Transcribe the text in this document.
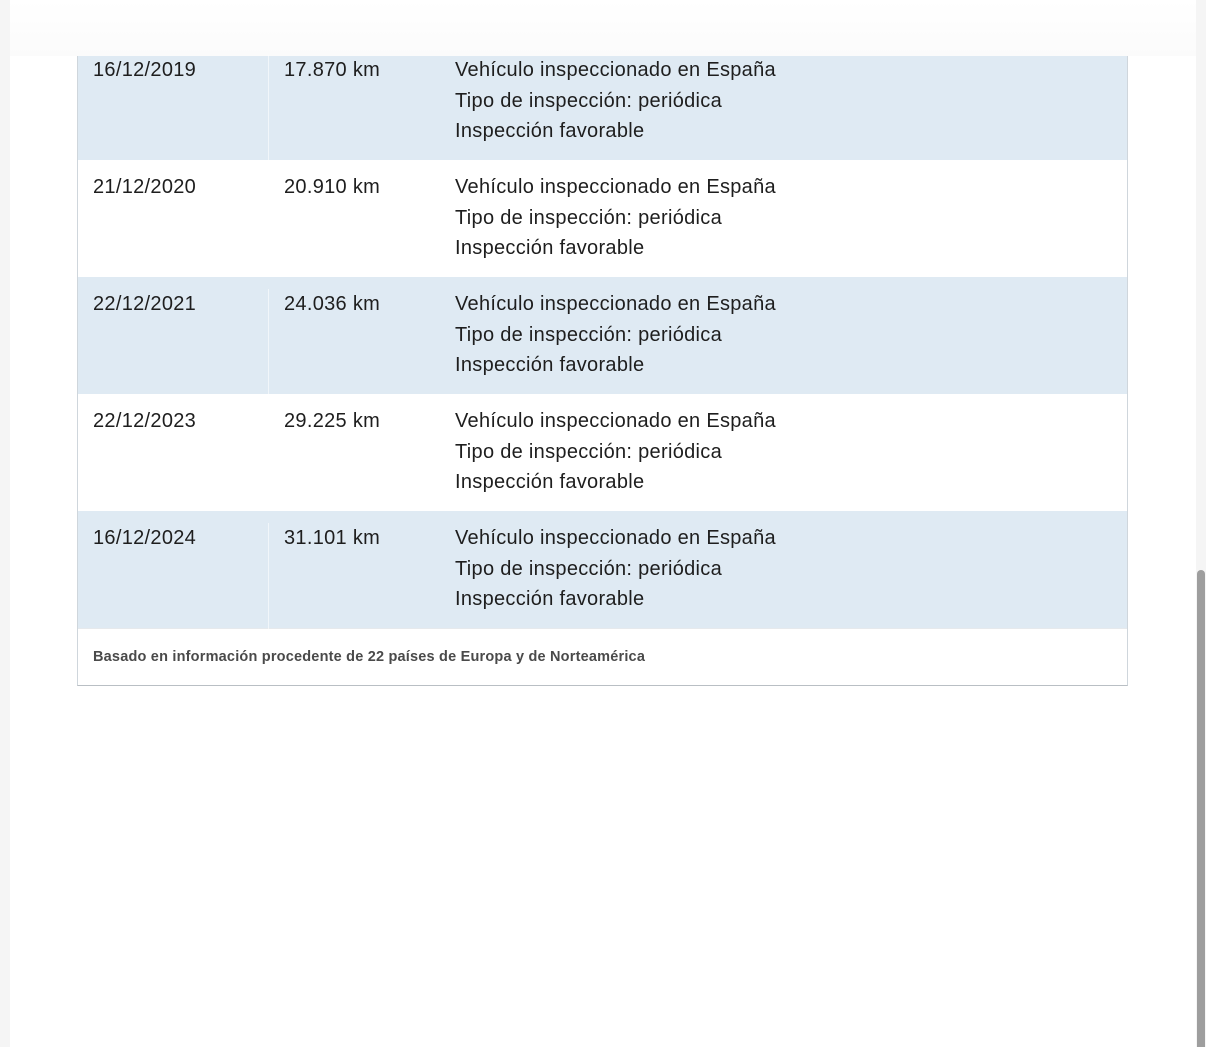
16/12/2019	17.870 km	Vehículo inspeccionado en España
Tipo de inspección: periódica
Inspección favorable
21/12/2020	20.910 km	Vehículo inspeccionado en España
Tipo de inspección: periódica
Inspección favorable
22/12/2021	24.036 km	Vehículo inspeccionado en España
Tipo de inspección: periódica
Inspección favorable
22/12/2023	29.225 km	Vehículo inspeccionado en España
Tipo de inspección: periódica
Inspección favorable
16/12/2024	31.101 km	Vehículo inspeccionado en España
Tipo de inspección: periódica
Inspección favorable
Basado en información procedente de 22 países de Europa y de Norteamérica
